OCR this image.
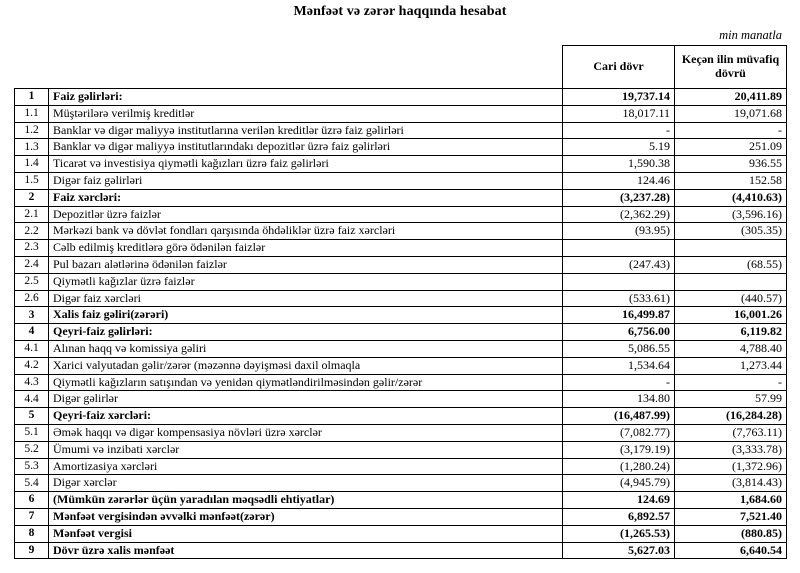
Mənfəət və zərər haqqında hesabat
min manatla
		Cari dövr	Keçən ilin müvafiq dövrü
1	Faiz gəlirləri:	19,737.14	20,411.89
1.1	Müştərilərə verilmiş kreditlər	18,017.11	19,071.68
1.2	Banklar və digər maliyyə institutlarına verilən kreditlər üzrə faiz gəlirləri	-	-
1.3	Banklar və digər maliyyə institutlarındakı depozitlər üzrə faiz gəlirləri	5.19	251.09
1.4	Ticarət və investisiya qiymətli kağızları üzrə faiz gəlirləri	1,590.38	936.55
1.5	Digər faiz gəlirləri	124.46	152.58
2	Faiz xərcləri:	(3,237.28)	(4,410.63)
2.1	Depozitlər üzrə faizlər	(2,362.29)	(3,596.16)
2.2	Mərkəzi bank və dövlət fondları qarşısında öhdəliklər üzrə faiz xərcləri	(93.95)	(305.35)
2.3	Cəlb edilmiş kreditlərə görə ödənilən faizlər		
2.4	Pul bazarı alətlərinə ödənilən faizlər	(247.43)	(68.55)
2.5	Qiymətli kağızlar üzrə faizlər		
2.6	Digər faiz xərcləri	(533.61)	(440.57)
3	Xalis faiz gəliri(zərəri)	16,499.87	16,001.26
4	Qeyri-faiz gəlirləri:	6,756.00	6,119.82
4.1	Alınan haqq və komissiya gəliri	5,086.55	4,788.40
4.2	Xarici valyutadan gəlir/zərər (məzənnə dəyişməsi daxil olmaqla	1,534.64	1,273.44
4.3	Qiymətli kağızların satışından və yenidən qiymətləndirilməsindən gəlir/zərər	-	-
4.4	Digər gəlirlər	134.80	57.99
5	Qeyri-faiz xərcləri:	(16,487.99)	(16,284.28)
5.1	Əmək haqqı və digər kompensasiya növləri üzrə xərclər	(7,082.77)	(7,763.11)
5.2	Ümumi və inzibati xərclər	(3,179.19)	(3,333.78)
5.3	Amortizasiya xərcləri	(1,280.24)	(1,372.96)
5.4	Digər xərclər	(4,945.79)	(3,814.43)
6	(Mümkün zərərlər üçün yaradılan məqsədli ehtiyatlar)	124.69	1,684.60
7	Mənfəət vergisindən əvvəlki mənfəət(zərər)	6,892.57	7,521.40
8	Mənfəət vergisi	(1,265.53)	(880.85)
9	Dövr üzrə xalis mənfəət	5,627.03	6,640.54
